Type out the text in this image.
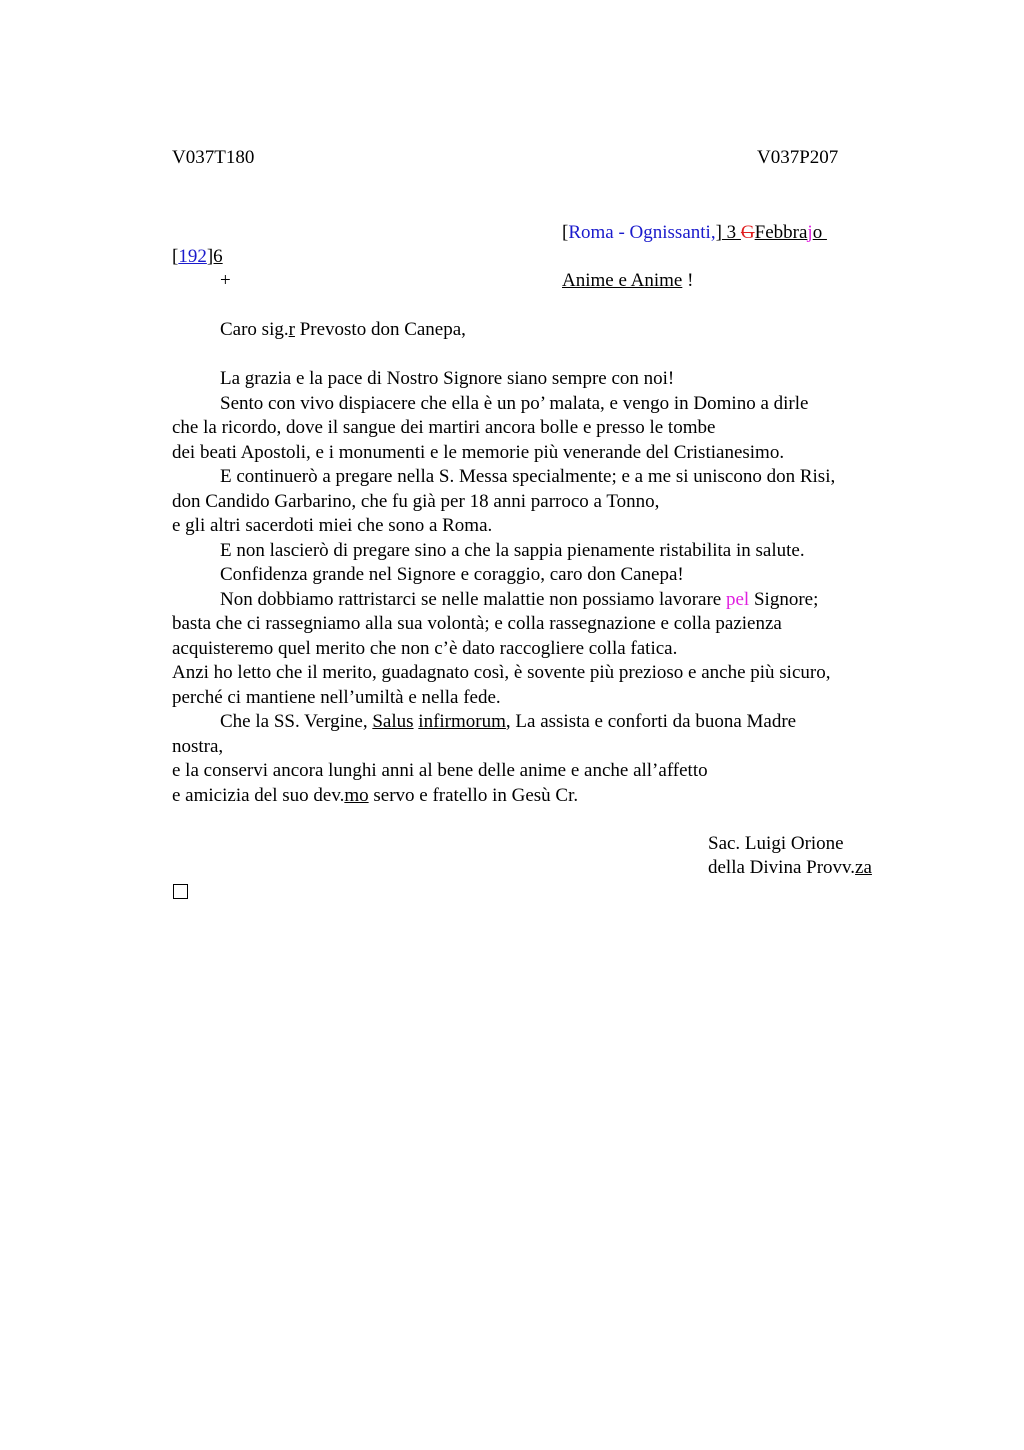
V037T180	V037P207
[Roma - Ognissanti,] 3 GFebbrajo
[192]6
+	Anime e Anime !
Caro sig.r Prevosto don Canepa,

La grazia e la pace di Nostro Signore siano sempre con noi!

Sento con vivo dispiacere che ella è un po’ malata, e vengo in Domino a dirle

che la ricordo, dove il sangue dei martiri ancora bolle e presso le tombe

dei beati Apostoli, e i monumenti e le memorie più venerande del Cristianesimo.

E continuerò a pregare nella S. Messa specialmente; e a me si uniscono don Risi,

don Candido Garbarino, che fu già per 18 anni parroco a Tonno,

e gli altri sacerdoti miei che sono a Roma.

E non lascierò di pregare sino a che la sappia pienamente ristabilita in salute.

Confidenza grande nel Signore e coraggio, caro don Canepa!

Non dobbiamo rattristarci se nelle malattie non possiamo lavorare pel Signore;

basta che ci rassegniamo alla sua volontà; e colla rassegnazione e colla pazienza

acquisteremo quel merito che non c’è dato raccogliere colla fatica.

Anzi ho letto che il merito, guadagnato così, è sovente più prezioso e anche più sicuro,

perché ci mantiene nell’umiltà e nella fede.

Che la SS. Vergine, Salus infirmorum, La assista e conforti da buona Madre

nostra,

e la conservi ancora lunghi anni al bene delle anime e anche all’affetto

e amicizia del suo dev.mo servo e fratello in Gesù Cr.

Sac. Luigi Orione
della Divina Provv.za
